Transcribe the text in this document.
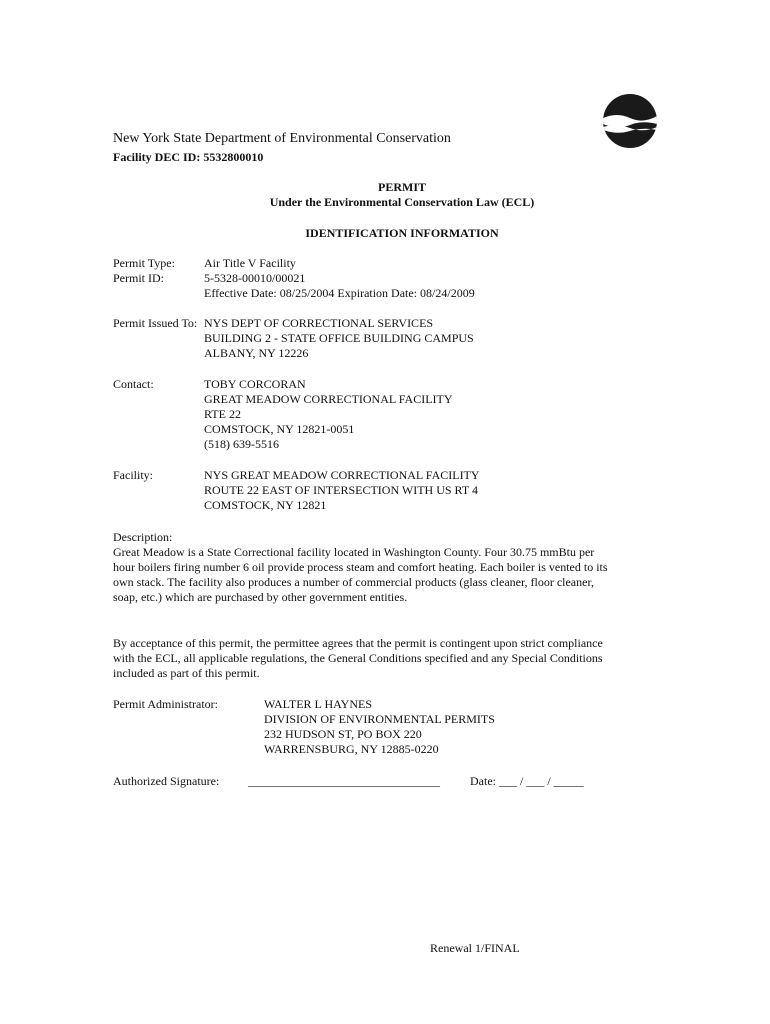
New York State Department of Environmental Conservation
Facility DEC ID: 5532800010
PERMIT
Under the Environmental Conservation Law (ECL)
IDENTIFICATION INFORMATION
Permit Type: Air Title V Facility
Permit ID:	5-5328-00010/00021
Effective Date: 08/25/2004 Expiration Date: 08/24/2009
Permit Issued To: NYS DEPT OF CORRECTIONAL SERVICES
BUILDING 2 - STATE OFFICE BUILDING CAMPUS
ALBANY, NY 12226
Contact:	TOBY CORCORAN
GREAT MEADOW CORRECTIONAL FACILITY
RTE 22
COMSTOCK, NY 12821-0051
(518) 639-5516
Facility:	NYS GREAT MEADOW CORRECTIONAL FACILITY
ROUTE 22 EAST OF INTERSECTION WITH US RT 4
COMSTOCK, NY 12821
Description:
Great Meadow is a State Correctional facility located in Washington County. Four 30.75 mmBtu per
hour boilers firing number 6 oil provide process steam and comfort heating. Each boiler is vented to its
own stack. The facility also produces a number of commercial products (glass cleaner, floor cleaner,
soap, etc.) which are purchased by other government entities.
By acceptance of this permit, the permittee agrees that the permit is contingent upon strict compliance
with the ECL, all applicable regulations, the General Conditions specified and any Special Conditions
included as part of this permit.
Permit Administrator:	WALTER L HAYNES
DIVISION OF ENVIRONMENTAL PERMITS
232 HUDSON ST, PO BOX 220
WARRENSBURG, NY 12885-0220
Authorized Signature: ________________________________	Date: ___ / ___ / _____
Renewal 1/FINAL
